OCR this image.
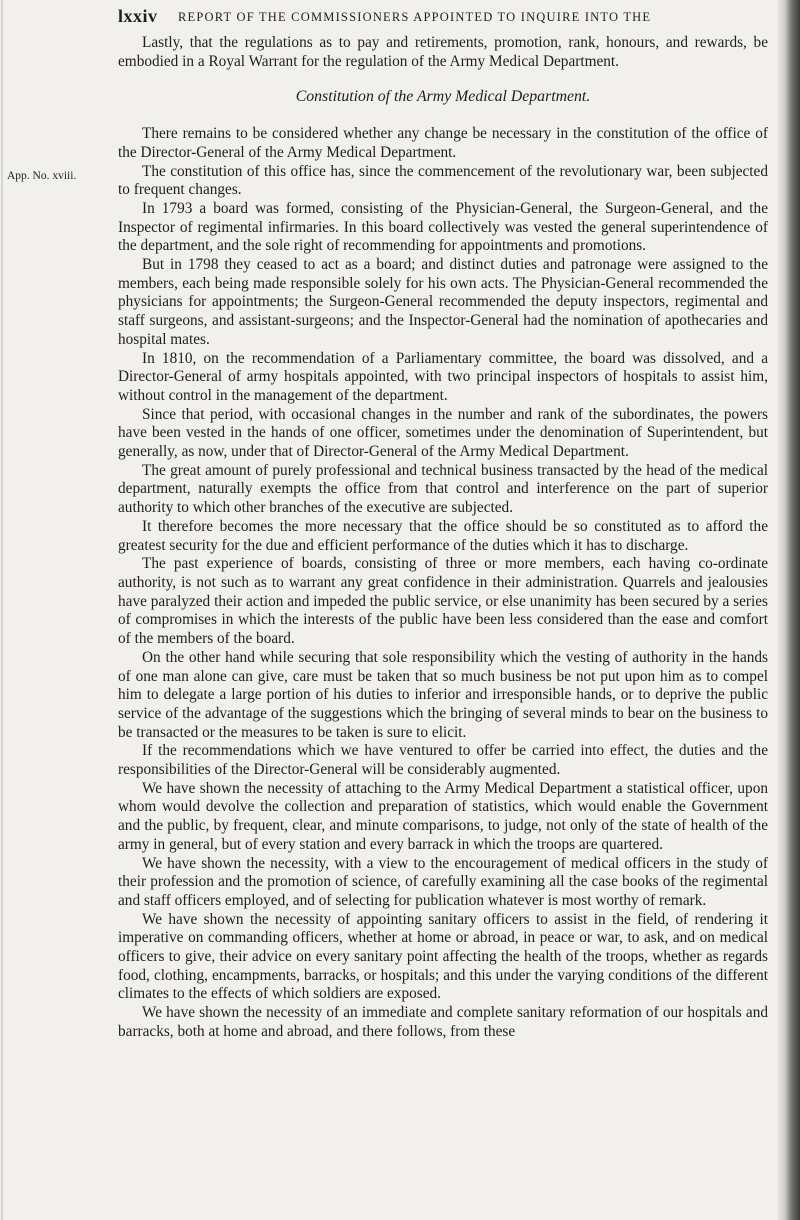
lxxiv REPORT OF THE COMMISSIONERS APPOINTED TO INQUIRE INTO THE
App. No. xviii.

Lastly, that the regulations as to pay and retirements, promotion, rank, honours, and rewards, be embodied in a Royal Warrant for the regulation of the Army Medical Department.

Constitution of the Army Medical Department.

There remains to be considered whether any change be necessary in the constitution of the office of the Director-General of the Army Medical Department.

The constitution of this office has, since the commencement of the revolutionary war, been subjected to frequent changes.

In 1793 a board was formed, consisting of the Physician-General, the Surgeon-General, and the Inspector of regimental infirmaries. In this board collectively was vested the general superintendence of the department, and the sole right of recommending for appointments and promotions.

But in 1798 they ceased to act as a board; and distinct duties and patronage were assigned to the members, each being made responsible solely for his own acts. The Physician-General recommended the physicians for appointments; the Surgeon-General recommended the deputy inspectors, regimental and staff surgeons, and assistant-surgeons; and the Inspector-General had the nomination of apothecaries and hospital mates.

In 1810, on the recommendation of a Parliamentary committee, the board was dissolved, and a Director-General of army hospitals appointed, with two principal inspectors of hospitals to assist him, without control in the management of the department.

Since that period, with occasional changes in the number and rank of the subordinates, the powers have been vested in the hands of one officer, sometimes under the denomination of Superintendent, but generally, as now, under that of Director-General of the Army Medical Department.

The great amount of purely professional and technical business transacted by the head of the medical department, naturally exempts the office from that control and interference on the part of superior authority to which other branches of the executive are subjected.

It therefore becomes the more necessary that the office should be so constituted as to afford the greatest security for the due and efficient performance of the duties which it has to discharge.

The past experience of boards, consisting of three or more members, each having co-ordinate authority, is not such as to warrant any great confidence in their administration. Quarrels and jealousies have paralyzed their action and impeded the public service, or else unanimity has been secured by a series of compromises in which the interests of the public have been less considered than the ease and comfort of the members of the board.

On the other hand while securing that sole responsibility which the vesting of authority in the hands of one man alone can give, care must be taken that so much business be not put upon him as to compel him to delegate a large portion of his duties to inferior and irresponsible hands, or to deprive the public service of the advantage of the suggestions which the bringing of several minds to bear on the business to be transacted or the measures to be taken is sure to elicit.

If the recommendations which we have ventured to offer be carried into effect, the duties and the responsibilities of the Director-General will be considerably augmented.

We have shown the necessity of attaching to the Army Medical Department a statistical officer, upon whom would devolve the collection and preparation of statistics, which would enable the Government and the public, by frequent, clear, and minute comparisons, to judge, not only of the state of health of the army in general, but of every station and every barrack in which the troops are quartered.

We have shown the necessity, with a view to the encouragement of medical officers in the study of their profession and the promotion of science, of carefully examining all the case books of the regimental and staff officers employed, and of selecting for publication whatever is most worthy of remark.

We have shown the necessity of appointing sanitary officers to assist in the field, of rendering it imperative on commanding officers, whether at home or abroad, in peace or war, to ask, and on medical officers to give, their advice on every sanitary point affecting the health of the troops, whether as regards food, clothing, encampments, barracks, or hospitals; and this under the varying conditions of the different climates to the effects of which soldiers are exposed.

We have shown the necessity of an immediate and complete sanitary reformation of our hospitals and barracks, both at home and abroad, and there follows, from these
